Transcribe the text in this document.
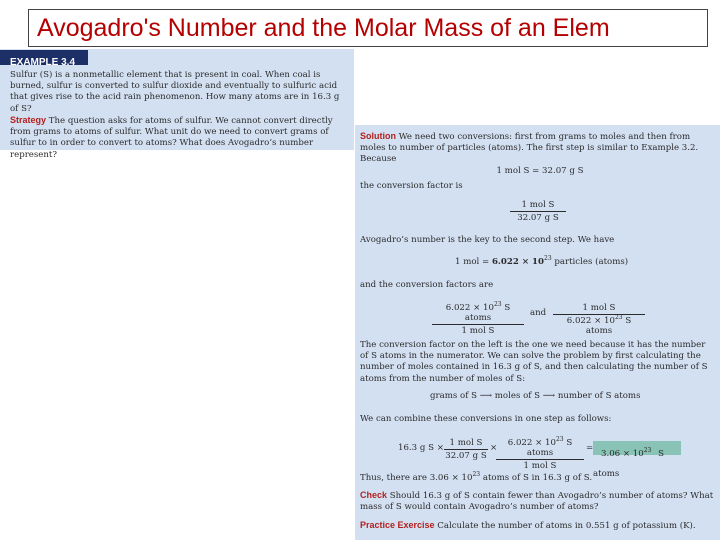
Avogadro's Number and the Molar Mass of an Elem
EXAMPLE 3.4
Sulfur (S) is a nonmetallic element that is present in coal. When coal is burned, sulfur is converted to sulfur dioxide and eventually to sulfuric acid that gives rise to the acid rain phenomenon. How many atoms are in 16.3 g of S?
Strategy The question asks for atoms of sulfur. We cannot convert directly from grams to atoms of sulfur. What unit do we need to convert grams of sulfur to in order to convert to atoms? What does Avogadro’s number represent?
Solution We need two conversions: first from grams to moles and then from moles to number of particles (atoms). The first step is similar to Example 3.2. Because
1 mol S = 32.07 g S
the conversion factor is
1 mol S
32.07 g S
Avogadro’s number is the key to the second step. We have
1 mol = $6.022 \times 10^{23}$ particles (atoms)
and the conversion factors are
$6.022 \times 10^{23}$ S atoms
1 mol S
and	1 mol S
$6.022 \times 10^{23}$ S atoms
The conversion factor on the left is the one we need because it has the number of S atoms in the numerator. We can solve the problem by first calculating the number of moles contained in 16.3 g of S, and then calculating the number of S atoms from the number of moles of S:
grams of S ⟶ moles of S ⟶ number of S atoms
We can combine these conversions in one step as follows:
16.3 g S × 1 mol S
32.07 g S
×	$6.022 \times 10^{23}$ S atoms
1 mol S
=
$3.06 \times 10^{23}$ S atoms
Thus, there are $3.06 \times 10^{23}$ atoms of S in 16.3 g of S.
Check Should 16.3 g of S contain fewer than Avogadro’s number of atoms? What mass of S would contain Avogadro’s number of atoms?
Practice Exercise Calculate the number of atoms in 0.551 g of potassium (K).
